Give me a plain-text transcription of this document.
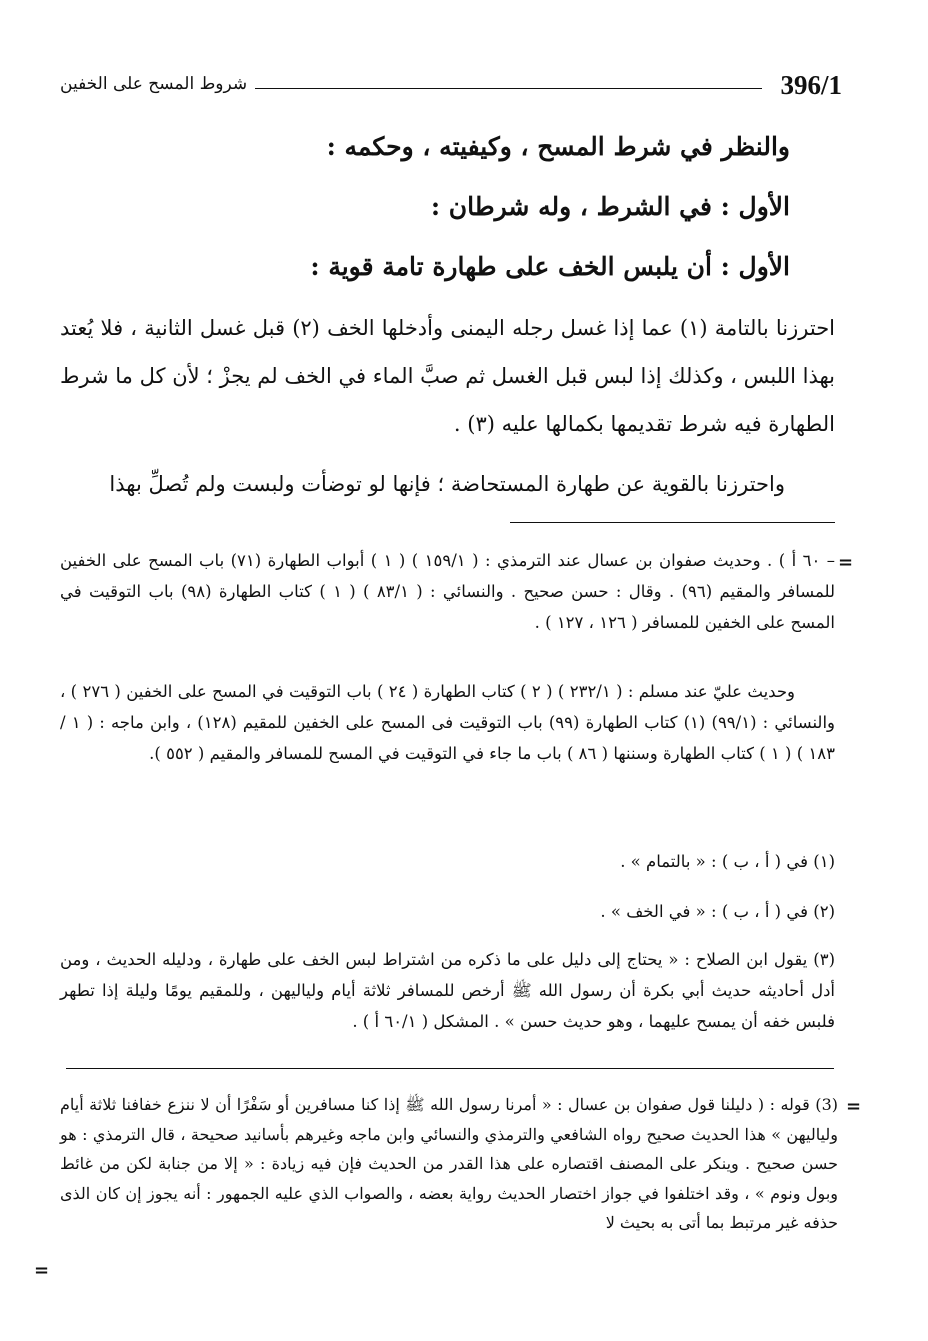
396/1
شروط المسح على الخفين
والنظر في شرط المسح ، وكيفيته ، وحكمه :
الأول : في الشرط ، وله شرطان :
الأول : أن يلبس الخف على طهارة تامة قوية :
احترزنا بالتامة (١) عما إذا غسل رجله اليمنى وأدخلها الخف (٢) قبل غسل الثانية ، فلا يُعتد بهذا اللبس ، وكذلك إذا لبس قبل الغسل ثم صبَّ الماء في الخف لم يجزْ ؛ لأن كل ما شرط الطهارة فيه شرط تقديمها بكمالها عليه (٣) .
واحترزنا بالقوية عن طهارة المستحاضة ؛ فإنها لو توضأت ولبست ولم تُصلِّ بهذا
=
– ٦٠ أ ) . وحديث صفوان بن عسال عند الترمذي : ( ١٥٩/١ ) ( ١ ) أبواب الطهارة (٧١) باب المسح على الخفين للمسافر والمقيم (٩٦) . وقال : حسن صحيح . والنسائي : ( ٨٣/١ ) ( ١ ) كتاب الطهارة (٩٨) باب التوقيت في المسح على الخفين للمسافر ( ١٢٦ ، ١٢٧ ) .
وحديث عليّ عند مسلم : ( ٢٣٢/١ ) ( ٢ ) كتاب الطهارة ( ٢٤ ) باب التوقيت في المسح على الخفين ( ٢٧٦ ) ، والنسائي : (٩٩/١) (١) كتاب الطهارة (٩٩) باب التوقيت فى المسح على الخفين للمقيم (١٢٨) ، وابن ماجه : ( ١ / ١٨٣ ) ( ١ ) كتاب الطهارة وسننها ( ٨٦ ) باب ما جاء في التوقيت في المسح للمسافر والمقيم ( ٥٥٢ ).
(١) في ( أ ، ب ) : « بالتمام » .
(٢) في ( أ ، ب ) : « في الخف » .
(٣) يقول ابن الصلاح : « يحتاج إلى دليل على ما ذكره من اشتراط لبس الخف على طهارة ، ودليله الحديث ، ومن أدل أحاديثه حديث أبي بكرة أن رسول الله ﷺ أرخص للمسافر ثلاثة أيام ولياليهن ، وللمقيم يومًا وليلة إذا تطهر فلبس خفه أن يمسح عليهما ، وهو حديث حسن » . المشكل ( ٦٠/١ أ ) .
=
(3) قوله : ( دليلنا قول صفوان بن عسال : « أمرنا رسول الله ﷺ إذا كنا مسافرين أو سَفْرًا أن لا ننزع خفافنا ثلاثة أيام ولياليهن » هذا الحديث صحيح رواه الشافعي والترمذي والنسائي وابن ماجه وغيرهم بأسانيد صحيحة ، قال الترمذي : هو حسن صحيح . وينكر على المصنف اقتصاره على هذا القدر من الحديث فإن فيه زيادة : « إلا من جنابة لكن من غائط وبول ونوم » ، وقد اختلفوا في جواز اختصار الحديث رواية بعضه ، والصواب الذي عليه الجمهور : أنه يجوز إن كان الذى حذفه غير مرتبط بما أتى به بحيث لا
=
